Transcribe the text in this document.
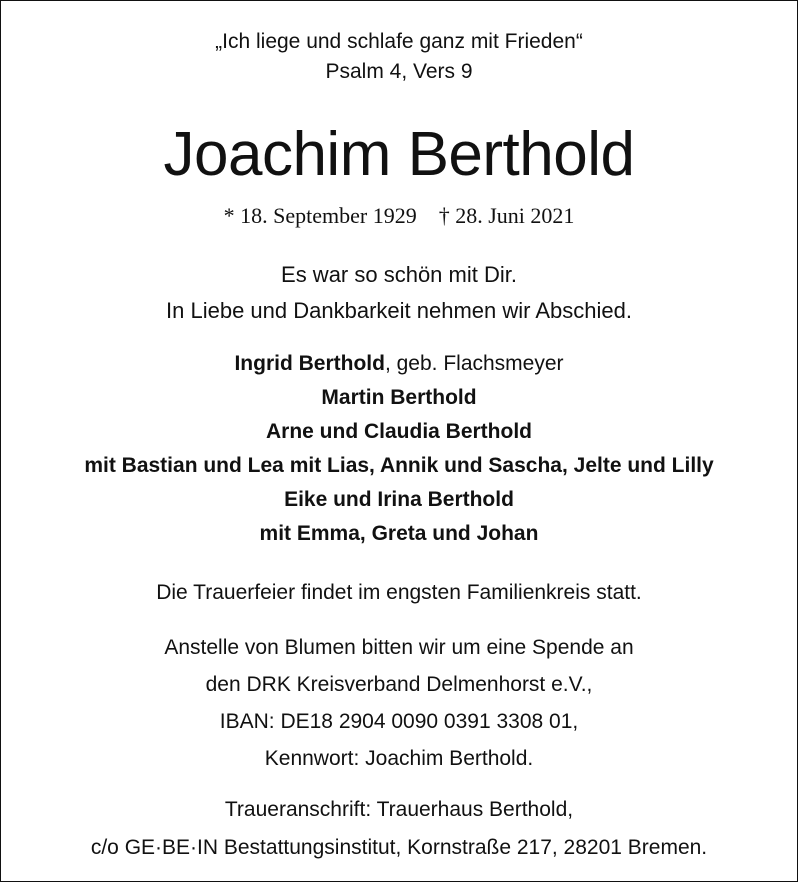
„Ich liege und schlafe ganz mit Frieden“
Psalm 4, Vers 9
Joachim Berthold
* 18. September 1929 † 28. Juni 2021
Es war so schön mit Dir.
In Liebe und Dankbarkeit nehmen wir Abschied.
Ingrid Berthold, geb. Flachsmeyer
Martin Berthold
Arne und Claudia Berthold
mit Bastian und Lea mit Lias, Annik und Sascha, Jelte und Lilly
Eike und Irina Berthold
mit Emma, Greta und Johan
Die Trauerfeier findet im engsten Familienkreis statt.
Anstelle von Blumen bitten wir um eine Spende an
den DRK Kreisverband Delmenhorst e.V.,
IBAN: DE18 2904 0090 0391 3308 01,
Kennwort: Joachim Berthold.
Traueranschrift: Trauerhaus Berthold,
c/o GE·BE·IN Bestattungsinstitut, Kornstraße 217, 28201 Bremen.
